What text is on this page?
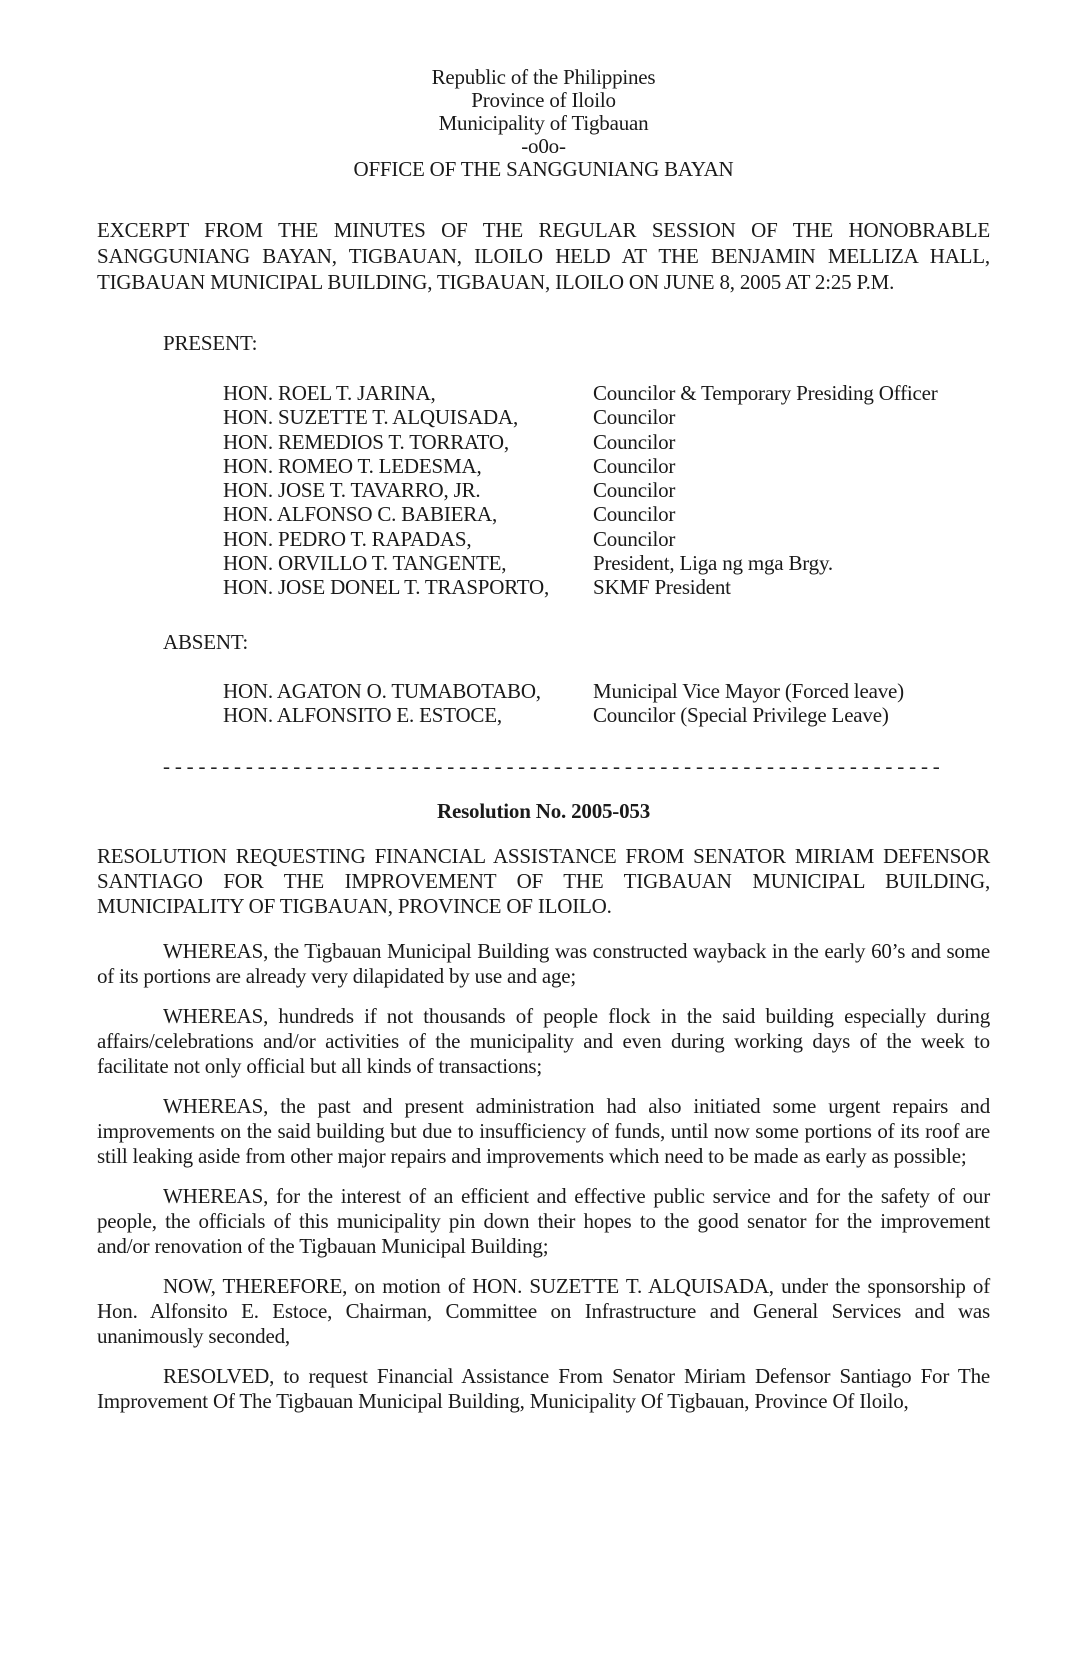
Republic of the Philippines
Province of Iloilo
Municipality of Tigbauan
-o0o-
OFFICE OF THE SANGGUNIANG BAYAN

EXCERPT FROM THE MINUTES OF THE REGULAR SESSION OF THE HONOBRABLE SANGGUNIANG BAYAN, TIGBAUAN, ILOILO HELD AT THE BENJAMIN MELLIZA HALL, TIGBAUAN MUNICIPAL BUILDING, TIGBAUAN, ILOILO ON JUNE 8, 2005 AT 2:25 P.M.

PRESENT:
HON. ROEL T. JARINA,	Councilor & Temporary Presiding Officer
HON. SUZETTE T. ALQUISADA,	Councilor
HON. REMEDIOS T. TORRATO,	Councilor
HON. ROMEO T. LEDESMA,	Councilor
HON. JOSE T. TAVARRO, JR.	Councilor
HON. ALFONSO C. BABIERA,	Councilor
HON. PEDRO T. RAPADAS,	Councilor
HON. ORVILLO T. TANGENTE,	President, Liga ng mga Brgy.
HON. JOSE DONEL T. TRASPORTO,	SKMF President
ABSENT:
HON. AGATON O. TUMABOTABO,	Municipal Vice Mayor (Forced leave)
HON. ALFONSITO E. ESTOCE,	Councilor (Special Privilege Leave)
- - - - - - - - - - - - - - - - - - - - - - - - - - - - - - - - - - - - - - - - - - - - - - - - - - - - - - - - - - - - - - - - - -
Resolution No. 2005-053

RESOLUTION REQUESTING FINANCIAL ASSISTANCE FROM SENATOR MIRIAM DEFENSOR SANTIAGO FOR THE IMPROVEMENT OF THE TIGBAUAN MUNICIPAL BUILDING, MUNICIPALITY OF TIGBAUAN, PROVINCE OF ILOILO.

WHEREAS, the Tigbauan Municipal Building was constructed wayback in the early 60’s and some of its portions are already very dilapidated by use and age;

WHEREAS, hundreds if not thousands of people flock in the said building especially during affairs/celebrations and/or activities of the municipality and even during working days of the week to facilitate not only official but all kinds of transactions;

WHEREAS, the past and present administration had also initiated some urgent repairs and improvements on the said building but due to insufficiency of funds, until now some portions of its roof are still leaking aside from other major repairs and improvements which need to be made as early as possible;

WHEREAS, for the interest of an efficient and effective public service and for the safety of our people, the officials of this municipality pin down their hopes to the good senator for the improvement and/or renovation of the Tigbauan Municipal Building;

NOW, THEREFORE, on motion of HON. SUZETTE T. ALQUISADA, under the sponsorship of Hon. Alfonsito E. Estoce, Chairman, Committee on Infrastructure and General Services and was unanimously seconded,

RESOLVED, to request Financial Assistance From Senator Miriam Defensor Santiago For The Improvement Of The Tigbauan Municipal Building, Municipality Of Tigbauan, Province Of Iloilo,
